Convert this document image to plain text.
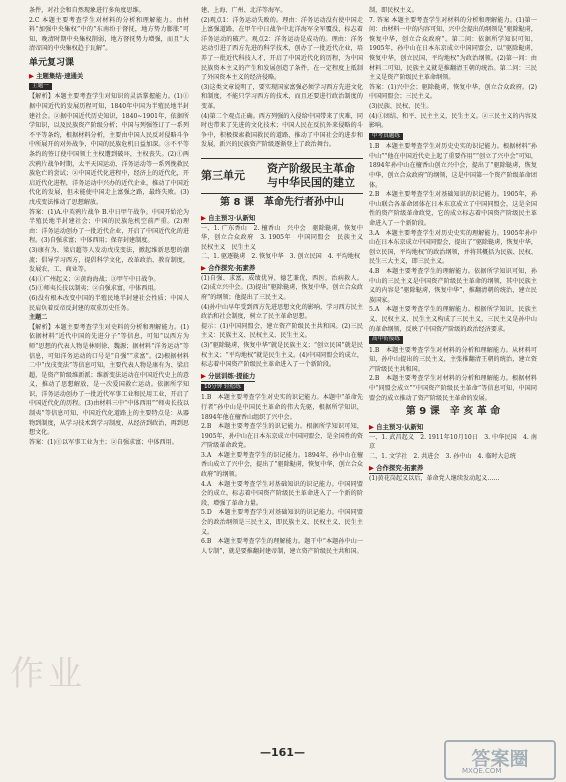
条件，对社会和自然现象进行多角度思维。

2.C 本题主要考查学生对材料的分析和理解能力。由材料“加强中央集权”中的“东南纷于督抚，地方势力膨胀”可知，晚清时期中央集权削弱，地方督抚势力增强，而且“大清帝国的中央集权趋于瓦解”。

单元复习课
▶ 主题集结·速通关
主题一

【解析】本题主要考查学生对知识的灵活掌握能力。(1)①据中国近代的发展历程可知，1840年中国为半殖民地半封建社会。②据中国近代历史知识，1840~1901年，依据所学知识，以及民族资产阶级分析；中国与列强签订了一系列不平等条约，根据材料分析，主要由中国人民反对侵略斗争中所展开的对外战争，中国的民族危机日益加深。③不平等条约的签订使中国领土主权遭到破坏，主权丧失。(2)①两次鸦片战争时期，太平天国运动、洋务运动等一系列挽救民族危亡的尝试；②中国近代化进程中，经济上的近代化，开启近代化进程，洋务运动中兴办的近代企业，推动了中国近代化的发展，但未能使中国走上富强之路，最终失败。(3)戊戌变法推动了思想解放。

答案：(1)A.中英鸦片战争 B.中日甲午战争。中国开始沦为半殖民地半封建社会；中国的民族危机空前严重。(2)理由：洋务运动创办了一批近代企业，开启了中国近代化的进程。(3)自强求富；中体西用；保存封建制度。

(3)康有为、梁启超等人发动戊戌变法，掀起维新思想的潮流；倡导学习西方，提倡科学文化，改革政治、教育制度，发展农、工、商业等。

(4)①广州起义；②黄海海战；③甲午中日战争。

(5)①师夷长技以制夷；②自强求富，中体西用。

(6)没有根本改变中国的半殖民地半封建社会性质；中国人民肩负着反帝反封建的双重历史任务。

主题二

【解析】本题主要考查学生对史料的分析和理解能力。(1)依据材料“近代中国的先进分子”等信息，可知“以西方为师”思想的代表人物是林则徐、魏源；据材料“洋务运动”等信息，可知洋务运动的口号是“自强”“求富”。(2)根据材料二中“戊戌变法”等信息可知，主要代表人物是康有为、梁启超，是资产阶级维新派；维新变法运动在中国近代史上的意义，推动了思想解放，是一次爱国救亡运动。依据所学知识，洋务运动创办了一批近代军事工业和民用工业，开启了中国近代化的历程。(3)由材料三中“中体西用”“师夷长技以制夷”等信息可知，中国近代化道路上的主要特点是：从器物到制度，从学习技术到学习制度，从经济到政治，再到思想文化。

答案：(1)①以军事工业为主；②自强求富；中体西用。

建、上海、广州、北洋等海军。

(2)观点1：洋务运动失败的。理由：洋务运动没有使中国走上富强道路，在甲午中日战争中北洋海军全军覆没，标志着洋务运动的破产。观点2：洋务运动是成功的。理由：洋务运动引进了西方先进的科学技术，创办了一批近代企业，培养了一批近代科技人才，开启了中国近代化的历程，为中国民族资本主义的产生和发展创造了条件，在一定程度上抵制了外国资本主义的经济侵略。

(3)这类文章说明了，要实现国家富强必须学习西方先进文化和制度，不能只学习西方的技术，而且还要进行政治制度的变革。

(4)第二个观点正确。西方列强的入侵给中国带来了灾难，同时也带来了先进的文化技术；中国人民在反抗外来侵略的斗争中，积极探索救国救民的道路，推动了中国社会的进步和发展，新兴的民族资产阶级逐渐登上了政治舞台。

第三单元
资产阶级民主革命
与中华民国的建立
第 8 课　革命先行者孙中山
▶ 自主预习·认新知

一、1. 广东香山　2. 檀香山　兴中会　驱除鞑虏，恢复中华，创立合众政府　3. 1905年　中国同盟会　民族主义　民权主义　民生主义

二、1. 驱逐鞑虏　2. 恢复中华　3. 创立民国　4. 平均地权

▶ 合作探究·拓素养

(1)自强、求富。成绩优异，德艺兼优，西医，治病救人。(2)成立兴中会。(3)提出“驱除鞑虏，恢复中华，创立合众政府”的纲领；他提出了三民主义。

(4)孙中山早年受到西方先进思想文化的影响，学习西方民主政治和社会制度，树立了民主革命思想。

提示：(1)中国同盟会，建立资产阶级民主共和国。(2)三民主义：民族主义、民权主义、民生主义。

(3)“驱除鞑虏，恢复中华”就是民族主义；“创立民国”就是民权主义；“平均地权”就是民生主义。(4)中国同盟会的成立，标志着中国资产阶级民主革命进入了一个新阶段。

▶ 分层训练·提能力
10分钟 轻松练

1.B　本题主要考查学生对史实的识记能力。本题中“革命先行者”孙中山是中国民主革命的伟大先驱，根据所学知识，1894年他在檀香山组织了兴中会。

2.B　本题主要考查学生的识记能力。根据所学知识可知，1905年，孙中山在日本东京成立中国同盟会，是全国性的资产阶级革命政党。

3.A　本题主要考查学生的识记能力。1894年，孙中山在檀香山成立了兴中会，提出了“驱除鞑虏，恢复中华，创立合众政府”的纲领。

4.A　本题主要考查学生对基础知识的识记能力。中国同盟会的成立，标志着中国资产阶级民主革命进入了一个新的阶段，增强了革命力量。

5.D　本题主要考查学生对基础知识的识记能力。中国同盟会的政治纲领是三民主义，即民族主义、民权主义、民生主义。

6.B　本题主要考查学生的理解能力。题干中“本题孙中山一人专制”，就是要推翻封建帝制，建立资产阶级民主共和国。

制，即民权主义。

7. 答案 本题主要考查学生对材料的分析和理解能力。(1)第一问：由材料一中的内容可知，兴中会提出的纲领是“驱除鞑虏，恢复中华，创立合众政府”。第二问：依据所学知识可知，1905年，孙中山在日本东京成立中国同盟会，以“驱除鞑虏，恢复中华，创立民国，平均地权”为政治纲领。(2)第一问：由材料二可知，民族主义就是推翻清王朝的统治。第二问：三民主义是资产阶级民主革命纲领。

答案：(1)兴中会；驱除鞑虏，恢复中华，创立合众政府。(2)中国同盟会；三民主义。

(3)民族、民权、民生。

(4)①团结、和平、民主主义，民生主义。②三民主义的内容及影响。

中考真题练

1.B　本题主要考查学生对历史史实的识记能力。根据材料“孙中山”“他在中国近代史上起了重要作用”“创立了兴中会”可知，1894年孙中山在檀香山创立兴中会，提出了“驱除鞑虏，恢复中华，创立合众政府”的纲领，这是中国第一个资产阶级革命团体。

2.B　本题主要考查学生对基础知识的识记能力。1905年，孙中山联合各革命团体在日本东京成立了中国同盟会，这是全国性的资产阶级革命政党，它的成立标志着中国资产阶级民主革命进入了一个新阶段。

3.A　本题主要考查学生对历史史实的理解能力。1905年孙中山在日本东京成立中国同盟会，提出了“驱除鞑虏，恢复中华，创立民国，平均地权”的政治纲领，并将其概括为民族、民权、民生三大主义，即三民主义。

4.B　本题主要考查学生的理解能力。依据所学知识可知，孙中山的三民主义是中国资产阶级民主革命的纲领，其中民族主义的内容是“驱除鞑虏，恢复中华”，推翻清朝的统治，建立民族国家。

5.A　本题主要考查学生的理解能力。根据所学知识，民族主义、民权主义、民生主义构成了三民主义，三民主义是孙中山的革命纲领，反映了中国资产阶级的政治经济要求。

高中衔接练

1.B　本题主要考查学生对材料的分析和理解能力。从材料可知，孙中山提出的三民主义，主张推翻清王朝的统治，建立资产阶级民主共和国。

2.B　本题主要考查学生对材料的分析和理解能力。根据材料中“同盟会成立”“中国资产阶级民主革命”等信息可知，中国同盟会的成立推动了资产阶级民主革命的发展。

第 9 课　辛 亥 革 命
▶ 自主预习·认新知

一、1. 武昌起义　2. 1911年10月10日　3. 中华民国　4. 南京

二、1. 文学社　2. 共进会　3. 孙中山　4. 临时大总统

▶ 合作探究·拓素养

(1)黄花岗起义以后，革命党人继续发动起义……

作业
—161—	答案圈
MXQE.COM
